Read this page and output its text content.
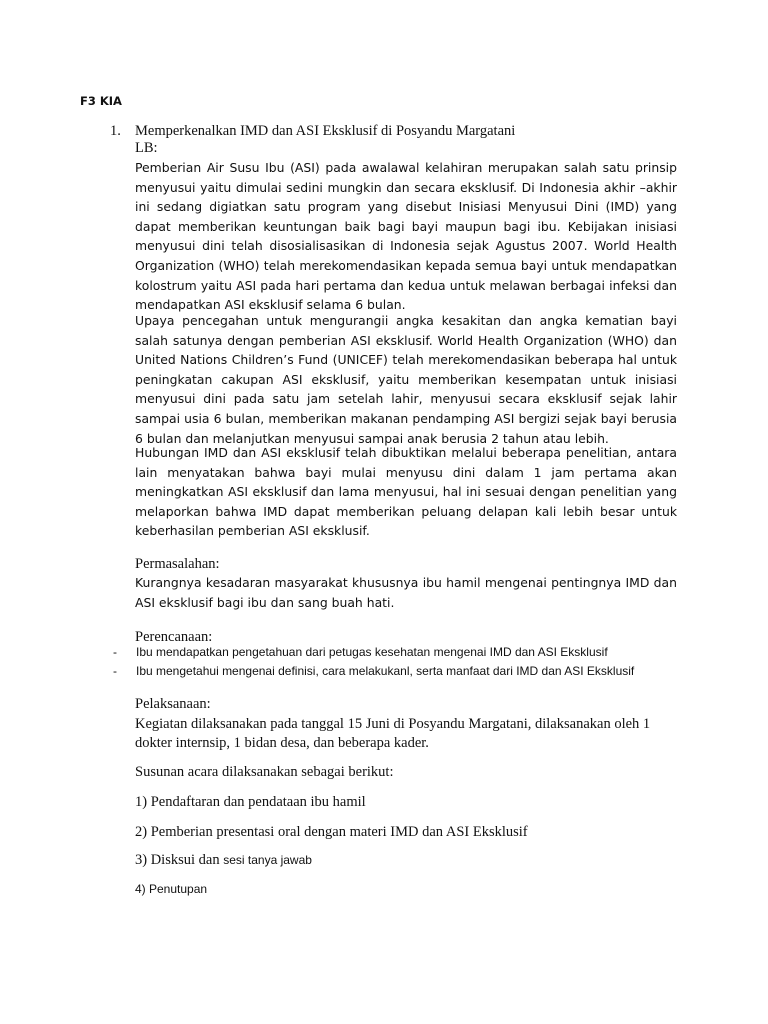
F3 KIA
1. Memperkenalkan IMD dan ASI Eksklusif di Posyandu Margatani
LB:

Pemberian Air Susu Ibu (ASI) pada awalawal kelahiran merupakan salah satu prinsip menyusui yaitu dimulai sedini mungkin dan secara eksklusif. Di Indonesia akhir –akhir ini sedang digiatkan satu program yang disebut Inisiasi Menyusui Dini (IMD) yang dapat memberikan keuntungan baik bagi bayi maupun bagi ibu. Kebijakan inisiasi menyusui dini telah disosialisasikan di Indonesia sejak Agustus 2007. World Health Organization (WHO) telah merekomendasikan kepada semua bayi untuk mendapatkan kolostrum yaitu ASI pada hari pertama dan kedua untuk melawan berbagai infeksi dan mendapatkan ASI eksklusif selama 6 bulan.

Upaya pencegahan untuk mengurangii angka kesakitan dan angka kematian bayi salah satunya dengan pemberian ASI eksklusif. World Health Organization (WHO) dan United Nations Children’s Fund (UNICEF) telah merekomendasikan beberapa hal untuk peningkatan cakupan ASI eksklusif, yaitu memberikan kesempatan untuk inisiasi menyusui dini pada satu jam setelah lahir, menyusui secara eksklusif sejak lahir sampai usia 6 bulan, memberikan makanan pendamping ASI bergizi sejak bayi berusia 6 bulan dan melanjutkan menyusui sampai anak berusia 2 tahun atau lebih.

Hubungan IMD dan ASI eksklusif telah dibuktikan melalui beberapa penelitian, antara lain menyatakan bahwa bayi mulai menyusu dini dalam 1 jam pertama akan meningkatkan ASI eksklusif dan lama menyusui, hal ini sesuai dengan penelitian yang melaporkan bahwa IMD dapat memberikan peluang delapan kali lebih besar untuk keberhasilan pemberian ASI eksklusif.

Permasalahan:

Kurangnya kesadaran masyarakat khususnya ibu hamil mengenai pentingnya IMD dan ASI eksklusif bagi ibu dan sang buah hati.

Perencanaan:
- Ibu mendapatkan pengetahuan dari petugas kesehatan mengenai IMD dan ASI Eksklusif
- Ibu mengetahui mengenai definisi, cara melakukanl, serta manfaat dari IMD dan ASI Eksklusif
Pelaksanaan:

Kegiatan dilaksanakan pada tanggal 15 Juni di Posyandu Margatani, dilaksanakan oleh 1 dokter internsip, 1 bidan desa, dan beberapa kader.

Susunan acara dilaksanakan sebagai berikut:
1) Pendaftaran dan pendataan ibu hamil
2) Pemberian presentasi oral dengan materi IMD dan ASI Eksklusif
3) Disksui dan sesi tanya jawab
4) Penutupan
